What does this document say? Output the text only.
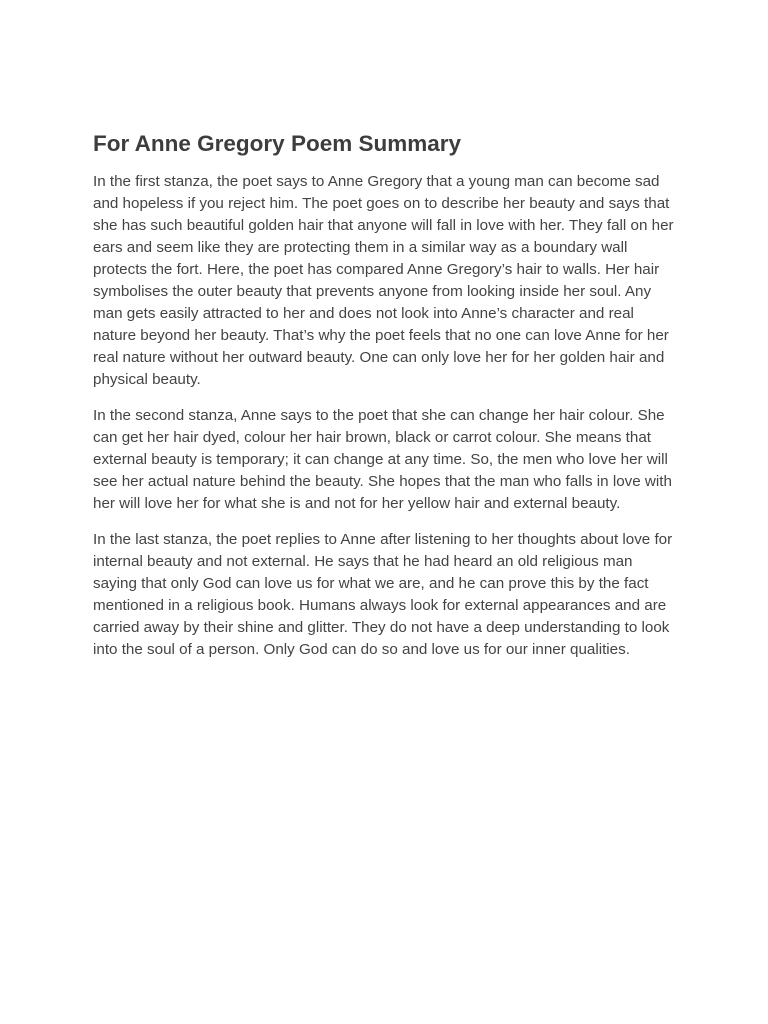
For Anne Gregory Poem Summary

In the first stanza, the poet says to Anne Gregory that a young man can become sad and hopeless if you reject him. The poet goes on to describe her beauty and says that she has such beautiful golden hair that anyone will fall in love with her. They fall on her ears and seem like they are protecting them in a similar way as a boundary wall protects the fort. Here, the poet has compared Anne Gregory’s hair to walls. Her hair symbolises the outer beauty that prevents anyone from looking inside her soul. Any man gets easily attracted to her and does not look into Anne’s character and real nature beyond her beauty. That’s why the poet feels that no one can love Anne for her real nature without her outward beauty. One can only love her for her golden hair and physical beauty.

In the second stanza, Anne says to the poet that she can change her hair colour. She can get her hair dyed, colour her hair brown, black or carrot colour. She means that external beauty is temporary; it can change at any time. So, the men who love her will see her actual nature behind the beauty. She hopes that the man who falls in love with her will love her for what she is and not for her yellow hair and external beauty.

In the last stanza, the poet replies to Anne after listening to her thoughts about love for internal beauty and not external. He says that he had heard an old religious man saying that only God can love us for what we are, and he can prove this by the fact mentioned in a religious book. Humans always look for external appearances and are carried away by their shine and glitter. They do not have a deep understanding to look into the soul of a person. Only God can do so and love us for our inner qualities.
